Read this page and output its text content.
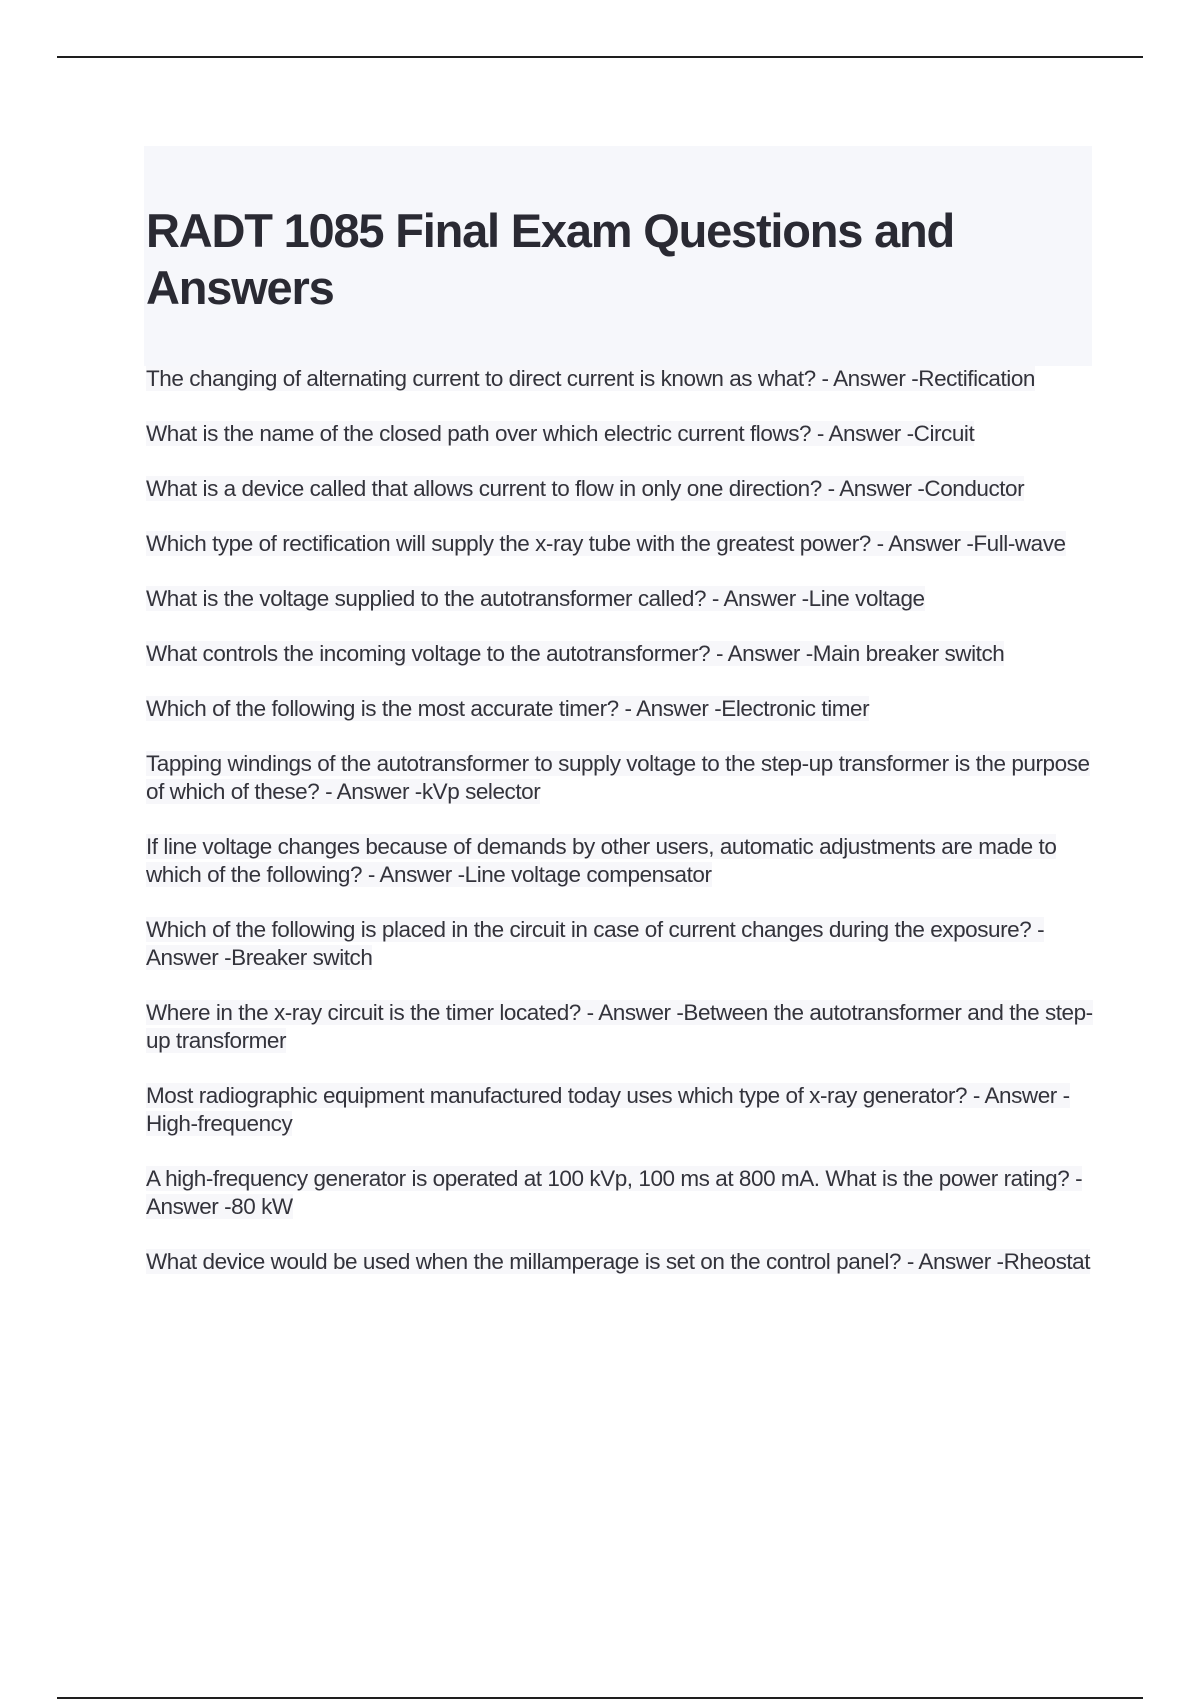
RADT 1085 Final Exam Questions and Answers
The changing of alternating current to direct current is known as what? - Answer -Rectification
What is the name of the closed path over which electric current flows? - Answer -Circuit
What is a device called that allows current to flow in only one direction? - Answer -Conductor
Which type of rectification will supply the x-ray tube with the greatest power? - Answer -Full-wave
What is the voltage supplied to the autotransformer called? - Answer -Line voltage
What controls the incoming voltage to the autotransformer? - Answer -Main breaker switch
Which of the following is the most accurate timer? - Answer -Electronic timer
Tapping windings of the autotransformer to supply voltage to the step-up transformer is the purpose of which of these? - Answer -kVp selector
If line voltage changes because of demands by other users, automatic adjustments are made to which of the following? - Answer -Line voltage compensator
Which of the following is placed in the circuit in case of current changes during the exposure? - Answer -Breaker switch
Where in the x-ray circuit is the timer located? - Answer -Between the autotransformer and the step-up transformer
Most radiographic equipment manufactured today uses which type of x-ray generator? - Answer -High-frequency
A high-frequency generator is operated at 100 kVp, 100 ms at 800 mA. What is the power rating? - Answer -80 kW
What device would be used when the millamperage is set on the control panel? - Answer -Rheostat
